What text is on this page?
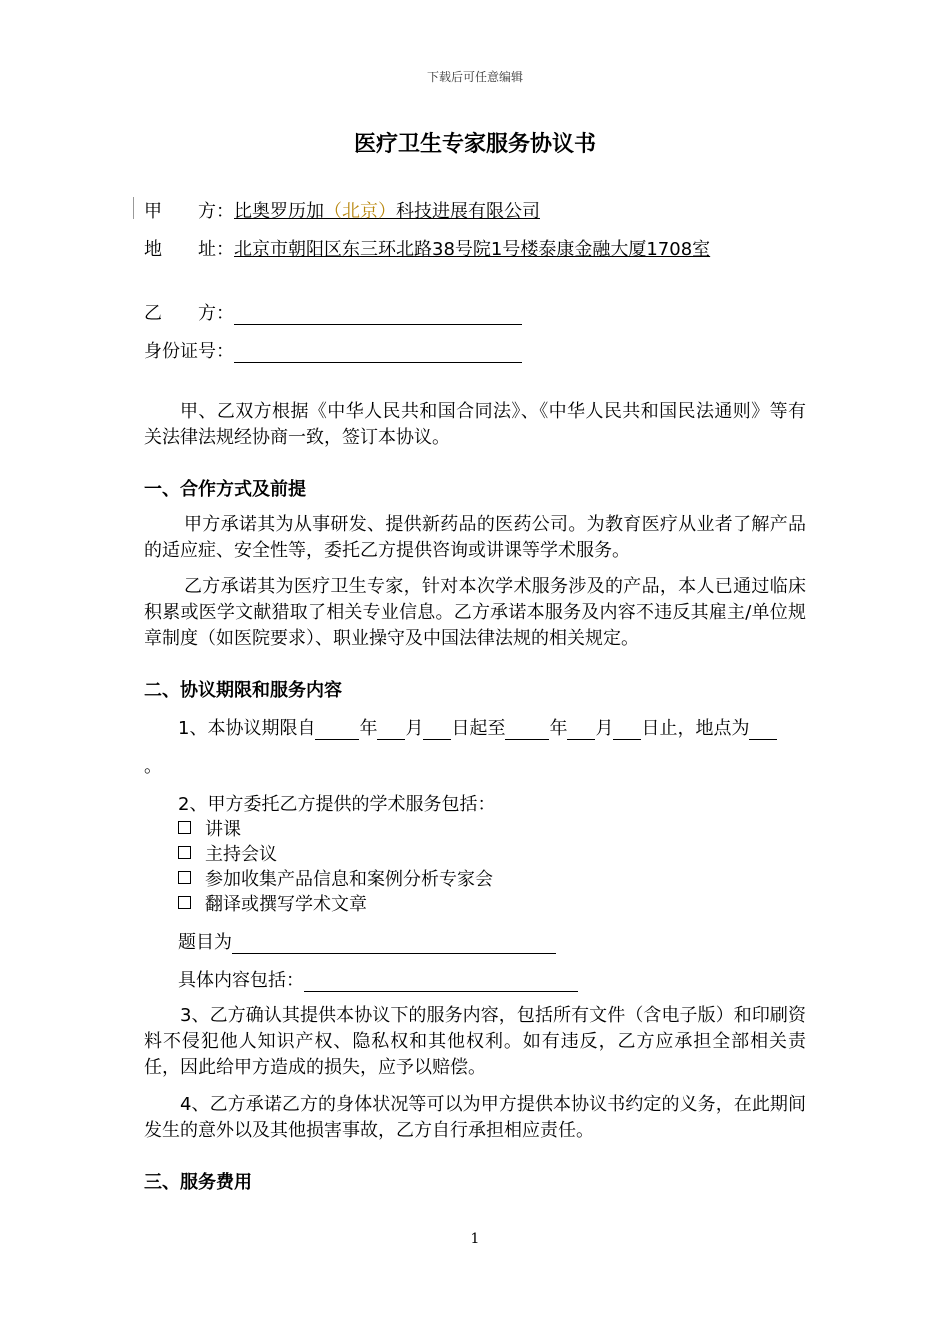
下载后可任意编辑
医疗卫生专家服务协议书
甲　　方：比奥罗历加（北京）科技进展有限公司
地　　址：北京市朝阳区东三环北路38号院1号楼泰康金融大厦1708室
乙　　方：
身份证号：
甲、乙双方根据《中华人民共和国合同法》、《中华人民共和国民法通则》等有关法律法规经协商一致，签订本协议。
一、合作方式及前提
甲方承诺其为从事研发、提供新药品的医药公司。为教育医疗从业者了解产品的适应症、安全性等，委托乙方提供咨询或讲课等学术服务。
乙方承诺其为医疗卫生专家，针对本次学术服务涉及的产品，本人已通过临床积累或医学文献猎取了相关专业信息。乙方承诺本服务及内容不违反其雇主/单位规章制度（如医院要求）、职业操守及中国法律法规的相关规定。
二、协议期限和服务内容
1、本协议期限自 年 月 日起至 年 月 日止，地点为
。
2、甲方委托乙方提供的学术服务包括：
讲课
主持会议
参加收集产品信息和案例分析专家会
翻译或撰写学术文章
题目为
具体内容包括：
3、乙方确认其提供本协议下的服务内容，包括所有文件（含电子版）和印刷资料不侵犯他人知识产权、隐私权和其他权利。如有违反，乙方应承担全部相关责任，因此给甲方造成的损失，应予以赔偿。
4、乙方承诺乙方的身体状况等可以为甲方提供本协议书约定的义务，在此期间发生的意外以及其他损害事故，乙方自行承担相应责任。
三、服务费用
1
